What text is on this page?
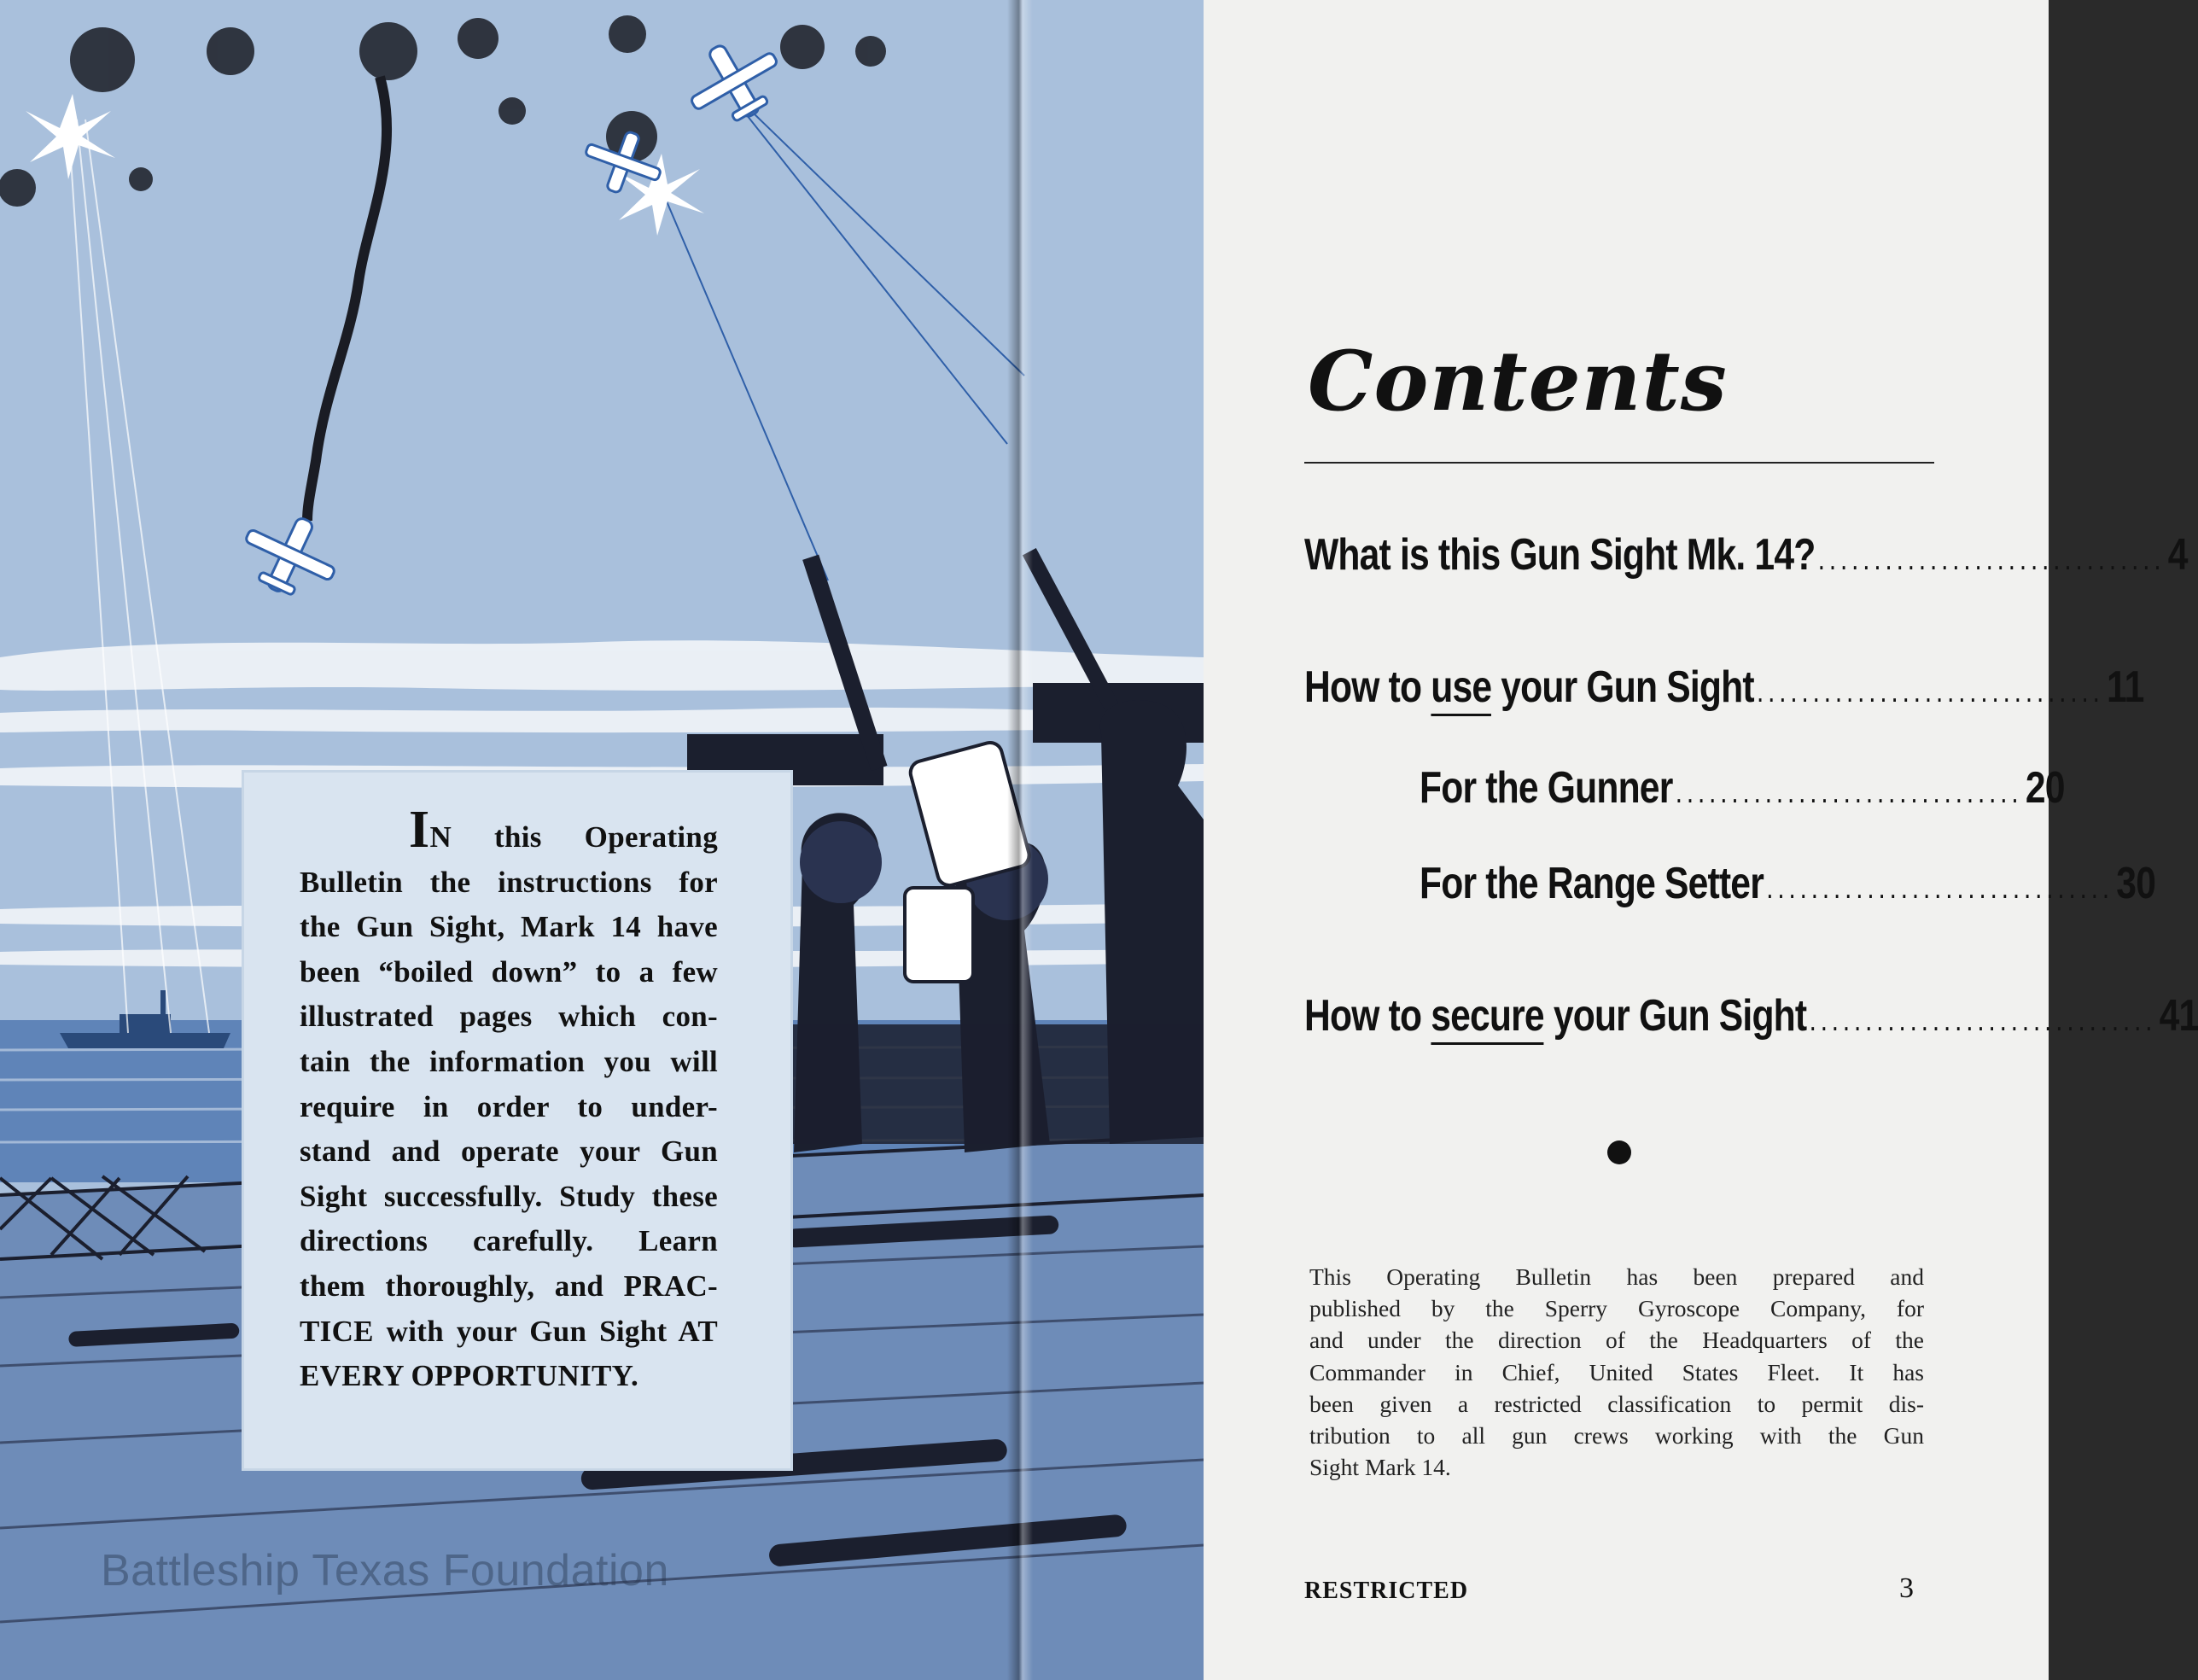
IN this Operating
Bulletin the instructions for
the Gun Sight, Mark 14 have
been “boiled down” to a few
illustrated pages which con-
tain the information you will
require in order to under-
stand and operate your Gun
Sight successfully. Study these
directions carefully. Learn
them thoroughly, and PRAC-
TICE with your Gun Sight AT
EVERY OPPORTUNITY.
Battleship Texas Foundation
Contents
What is this Gun Sight Mk. 14? ............................... 4
How to use your Gun Sight ............................... 11
For the Gunner ............................... 20
For the Range Setter ............................... 30
How to secure your Gun Sight ............................... 41
This Operating Bulletin has been prepared and
published by the Sperry Gyroscope Company, for
and under the direction of the Headquarters of the
Commander in Chief, United States Fleet. It has
been given a restricted classification to permit dis-
tribution to all gun crews working with the Gun
Sight Mark 14.
RESTRICTED	3
